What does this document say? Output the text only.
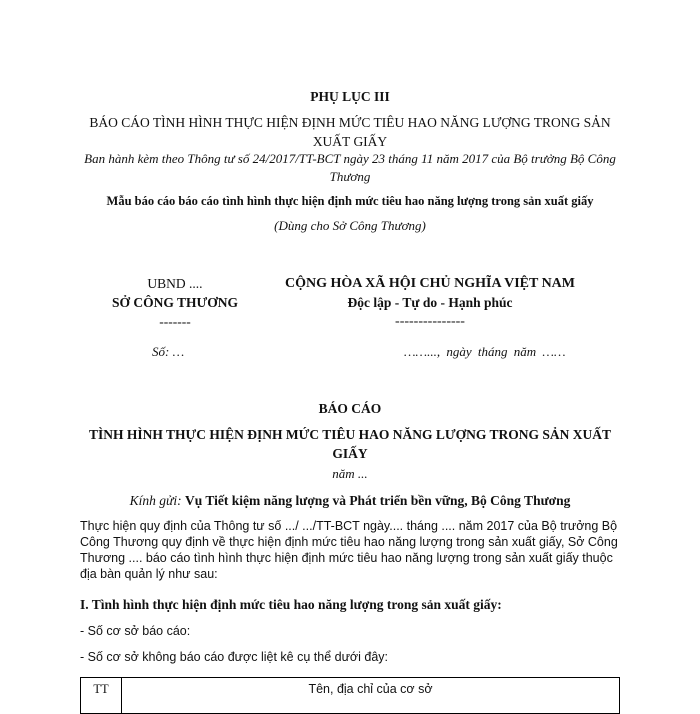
PHỤ LỤC III
BÁO CÁO TÌNH HÌNH THỰC HIỆN ĐỊNH MỨC TIÊU HAO NĂNG LƯỢNG TRONG SẢN XUẤT GIẤY
Ban hành kèm theo Thông tư số 24/2017/TT-BCT ngày 23 tháng 11 năm 2017 của Bộ trưởng Bộ Công Thương
Mẫu báo cáo báo cáo tình hình thực hiện định mức tiêu hao năng lượng trong sản xuất giấy
(Dùng cho Sở Công Thương)
UBND ....
SỞ CÔNG THƯƠNG
-------
CỘNG HÒA XÃ HỘI CHỦ NGHĨA VIỆT NAM
Độc lập - Tự do - Hạnh phúc
---------------
Số: …	……..., ngày tháng năm ……
BÁO CÁO
TÌNH HÌNH THỰC HIỆN ĐỊNH MỨC TIÊU HAO NĂNG LƯỢNG TRONG SẢN XUẤT GIẤY
năm ...
Kính gửi: Vụ Tiết kiệm năng lượng và Phát triển bền vững, Bộ Công Thương
Thực hiện quy định của Thông tư số .../ .../TT-BCT ngày.... tháng .... năm 2017 của Bộ trưởng Bộ Công Thương quy định về thực hiện định mức tiêu hao năng lượng trong sản xuất giấy, Sở Công Thương .... báo cáo tình hình thực hiện định mức tiêu hao năng lượng trong sản xuất giấy thuộc địa bàn quản lý như sau:
I. Tình hình thực hiện định mức tiêu hao năng lượng trong sản xuất giấy:
- Số cơ sở báo cáo:
- Số cơ sở không báo cáo được liệt kê cụ thể dưới đây:
TT	Tên, địa chỉ của cơ sở
